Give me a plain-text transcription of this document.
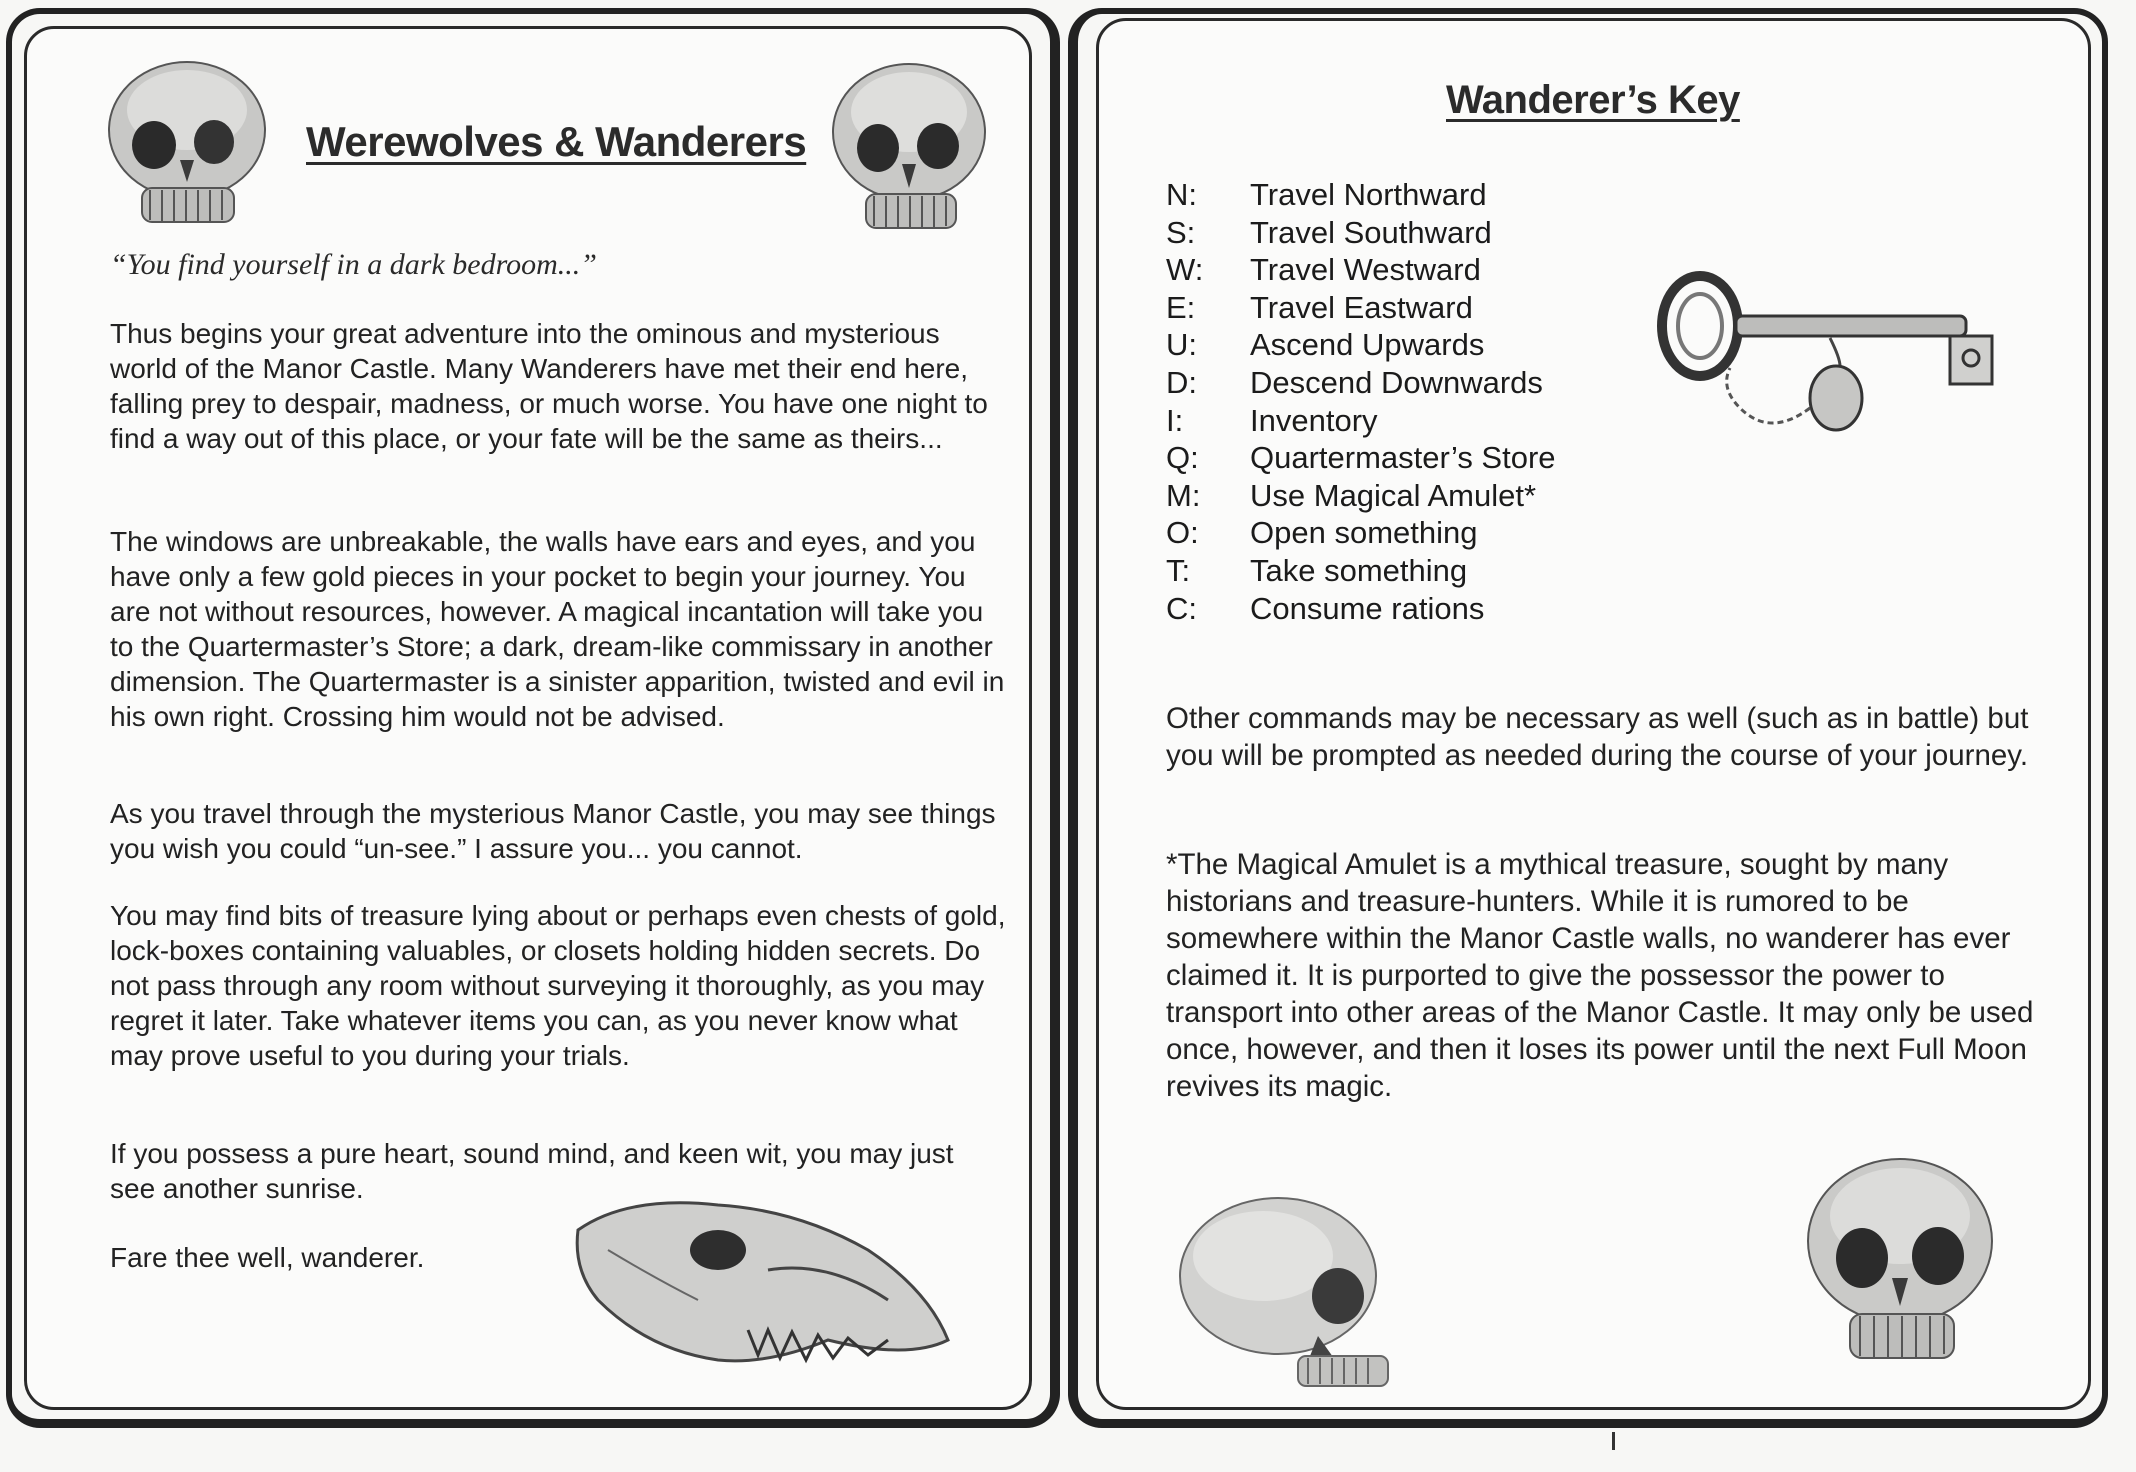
Werewolves & Wanderers
“You find yourself in a dark bedroom...”

Thus begins your great adventure into the ominous and mysterious world of the Manor Castle. Many Wanderers have met their end here, falling prey to despair, madness, or much worse. You have one night to find a way out of this place, or your fate will be the same as theirs...

The windows are unbreakable, the walls have ears and eyes, and you have only a few gold pieces in your pocket to begin your journey. You are not without resources, however. A magical incantation will take you to the Quartermaster’s Store; a dark, dream-like commissary in another dimension. The Quartermaster is a sinister apparition, twisted and evil in his own right. Crossing him would not be advised.

As you travel through the mysterious Manor Castle, you may see things you wish you could “un-see.” I assure you... you cannot.

You may find bits of treasure lying about or perhaps even chests of gold, lock-boxes containing valuables, or closets holding hidden secrets. Do not pass through any room without surveying it thoroughly, as you may regret it later. Take whatever items you can, as you never know what may prove useful to you during your trials.

If you possess a pure heart, sound mind, and keen wit, you may just see another sunrise.

Fare thee well, wanderer.

Wanderer’s Key
N: Travel Northward
S: Travel Southward
W: Travel Westward
E: Travel Eastward
U: Ascend Upwards
D: Descend Downwards
I: Inventory
Q: Quartermaster’s Store
M: Use Magical Amulet*
O: Open something
T: Take something
C: Consume rations

Other commands may be necessary as well (such as in battle) but you will be prompted as needed during the course of your journey.

*The Magical Amulet is a mythical treasure, sought by many historians and treasure-hunters. While it is rumored to be somewhere within the Manor Castle walls, no wanderer has ever claimed it. It is purported to give the possessor the power to transport into other areas of the Manor Castle. It may only be used once, however, and then it loses its power until the next Full Moon revives its magic.
